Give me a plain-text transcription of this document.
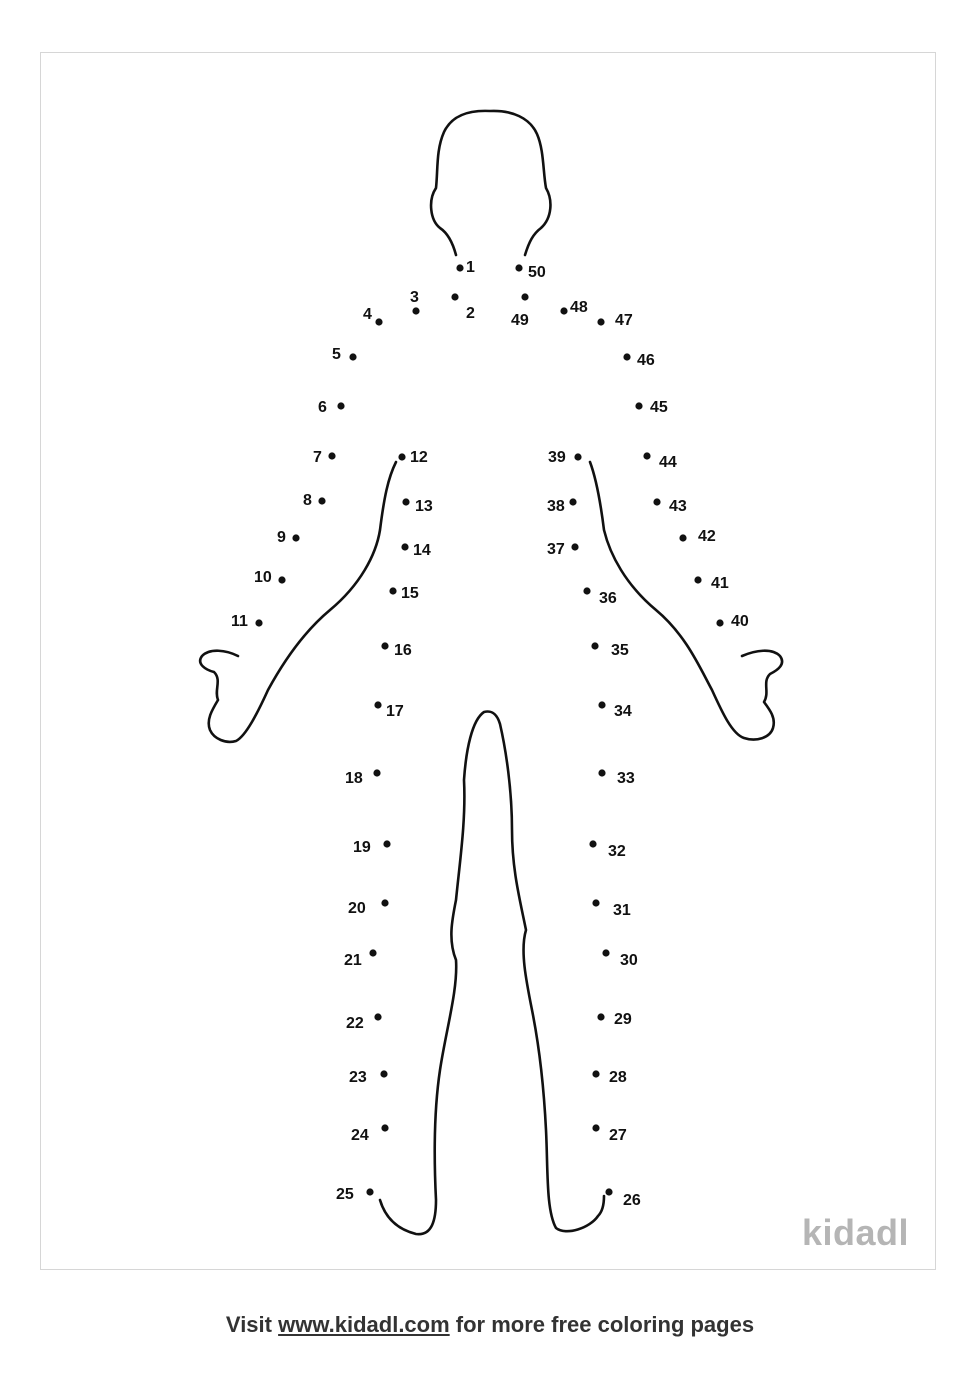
1
2
3
4
5
6
7
8
9
10
11
12
13
14
15
16
17
18
19
20
21
22
23
24
25	26
27
28
29
30
31
32
33
34
35
36
37
38
39
40
41
42
43
44
45
46
47
48
49
50
kidadl
Visit www.kidadl.com for more free coloring pages
